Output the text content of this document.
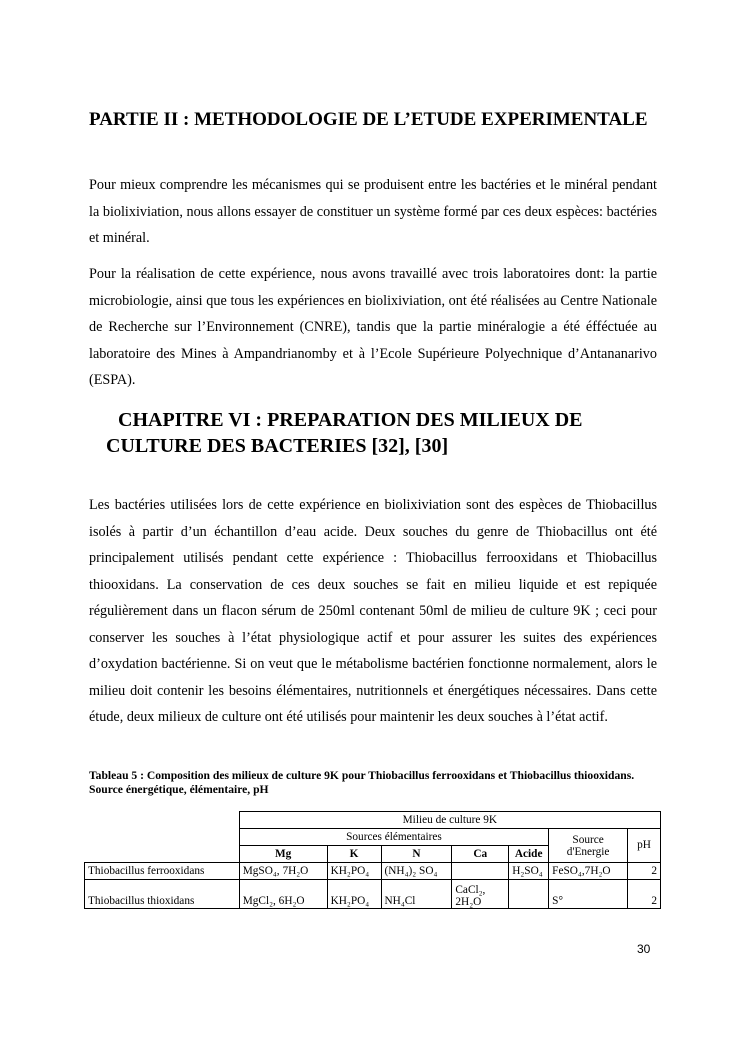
PARTIE II : METHODOLOGIE DE L’ETUDE EXPERIMENTALE

Pour mieux comprendre les mécanismes qui se produisent entre les bactéries et le minéral pendant la biolixiviation, nous allons essayer de constituer un système formé par ces deux espèces: bactéries et minéral.

Pour la réalisation de cette expérience, nous avons travaillé avec trois laboratoires dont: la partie microbiologie, ainsi que tous les expériences en biolixiviation, ont été réalisées au Centre Nationale de Recherche sur l’Environnement (CNRE), tandis que la partie minéralogie a été éfféctuée au laboratoire des Mines à Ampandrianomby et à l’Ecole Supérieure Polyechnique d’Antananarivo (ESPA).

CHAPITRE VI : PREPARATION DES MILIEUX DE
CULTURE DES BACTERIES [32], [30]

Les bactéries utilisées lors de cette expérience en biolixiviation sont des espèces de Thiobacillus isolés à partir d’un échantillon d’eau acide. Deux souches du genre de Thiobacillus ont été principalement utilisés pendant cette expérience : Thiobacillus ferrooxidans et Thiobacillus thiooxidans. La conservation de ces deux souches se fait en milieu liquide et est repiquée régulièrement dans un flacon sérum de 250ml contenant 50ml de milieu de culture 9K ; ceci pour conserver les souches à l’état physiologique actif et pour assurer les suites des expériences d’oxydation bactérienne. Si on veut que le métabolisme bactérien fonctionne normalement, alors le milieu doit contenir les besoins élémentaires, nutritionnels et énergétiques nécessaires. Dans cette étude, deux milieux de culture ont été utilisés pour maintenir les deux souches à l’état actif.

Tableau 5 : Composition des milieux de culture 9K pour Thiobacillus ferrooxidans et Thiobacillus thiooxidans. Source énergétique, élémentaire, pH
	Milieu de culture 9K						
	Sources élémentaires					Source d'Energie	pH
	Mg	K	N	Ca	Acide		
Thiobacillus ferrooxidans	MgSO₄, 7H₂O	KH₂PO₄	(NH₄)₂ SO₄		H₂SO₄	FeSO₄,7H₂O	2
Thiobacillus thioxidans	MgCl₂, 6H₂O	KH₂PO₄	NH₄Cl	CaCl₂, 2H₂O		S°	2
30
